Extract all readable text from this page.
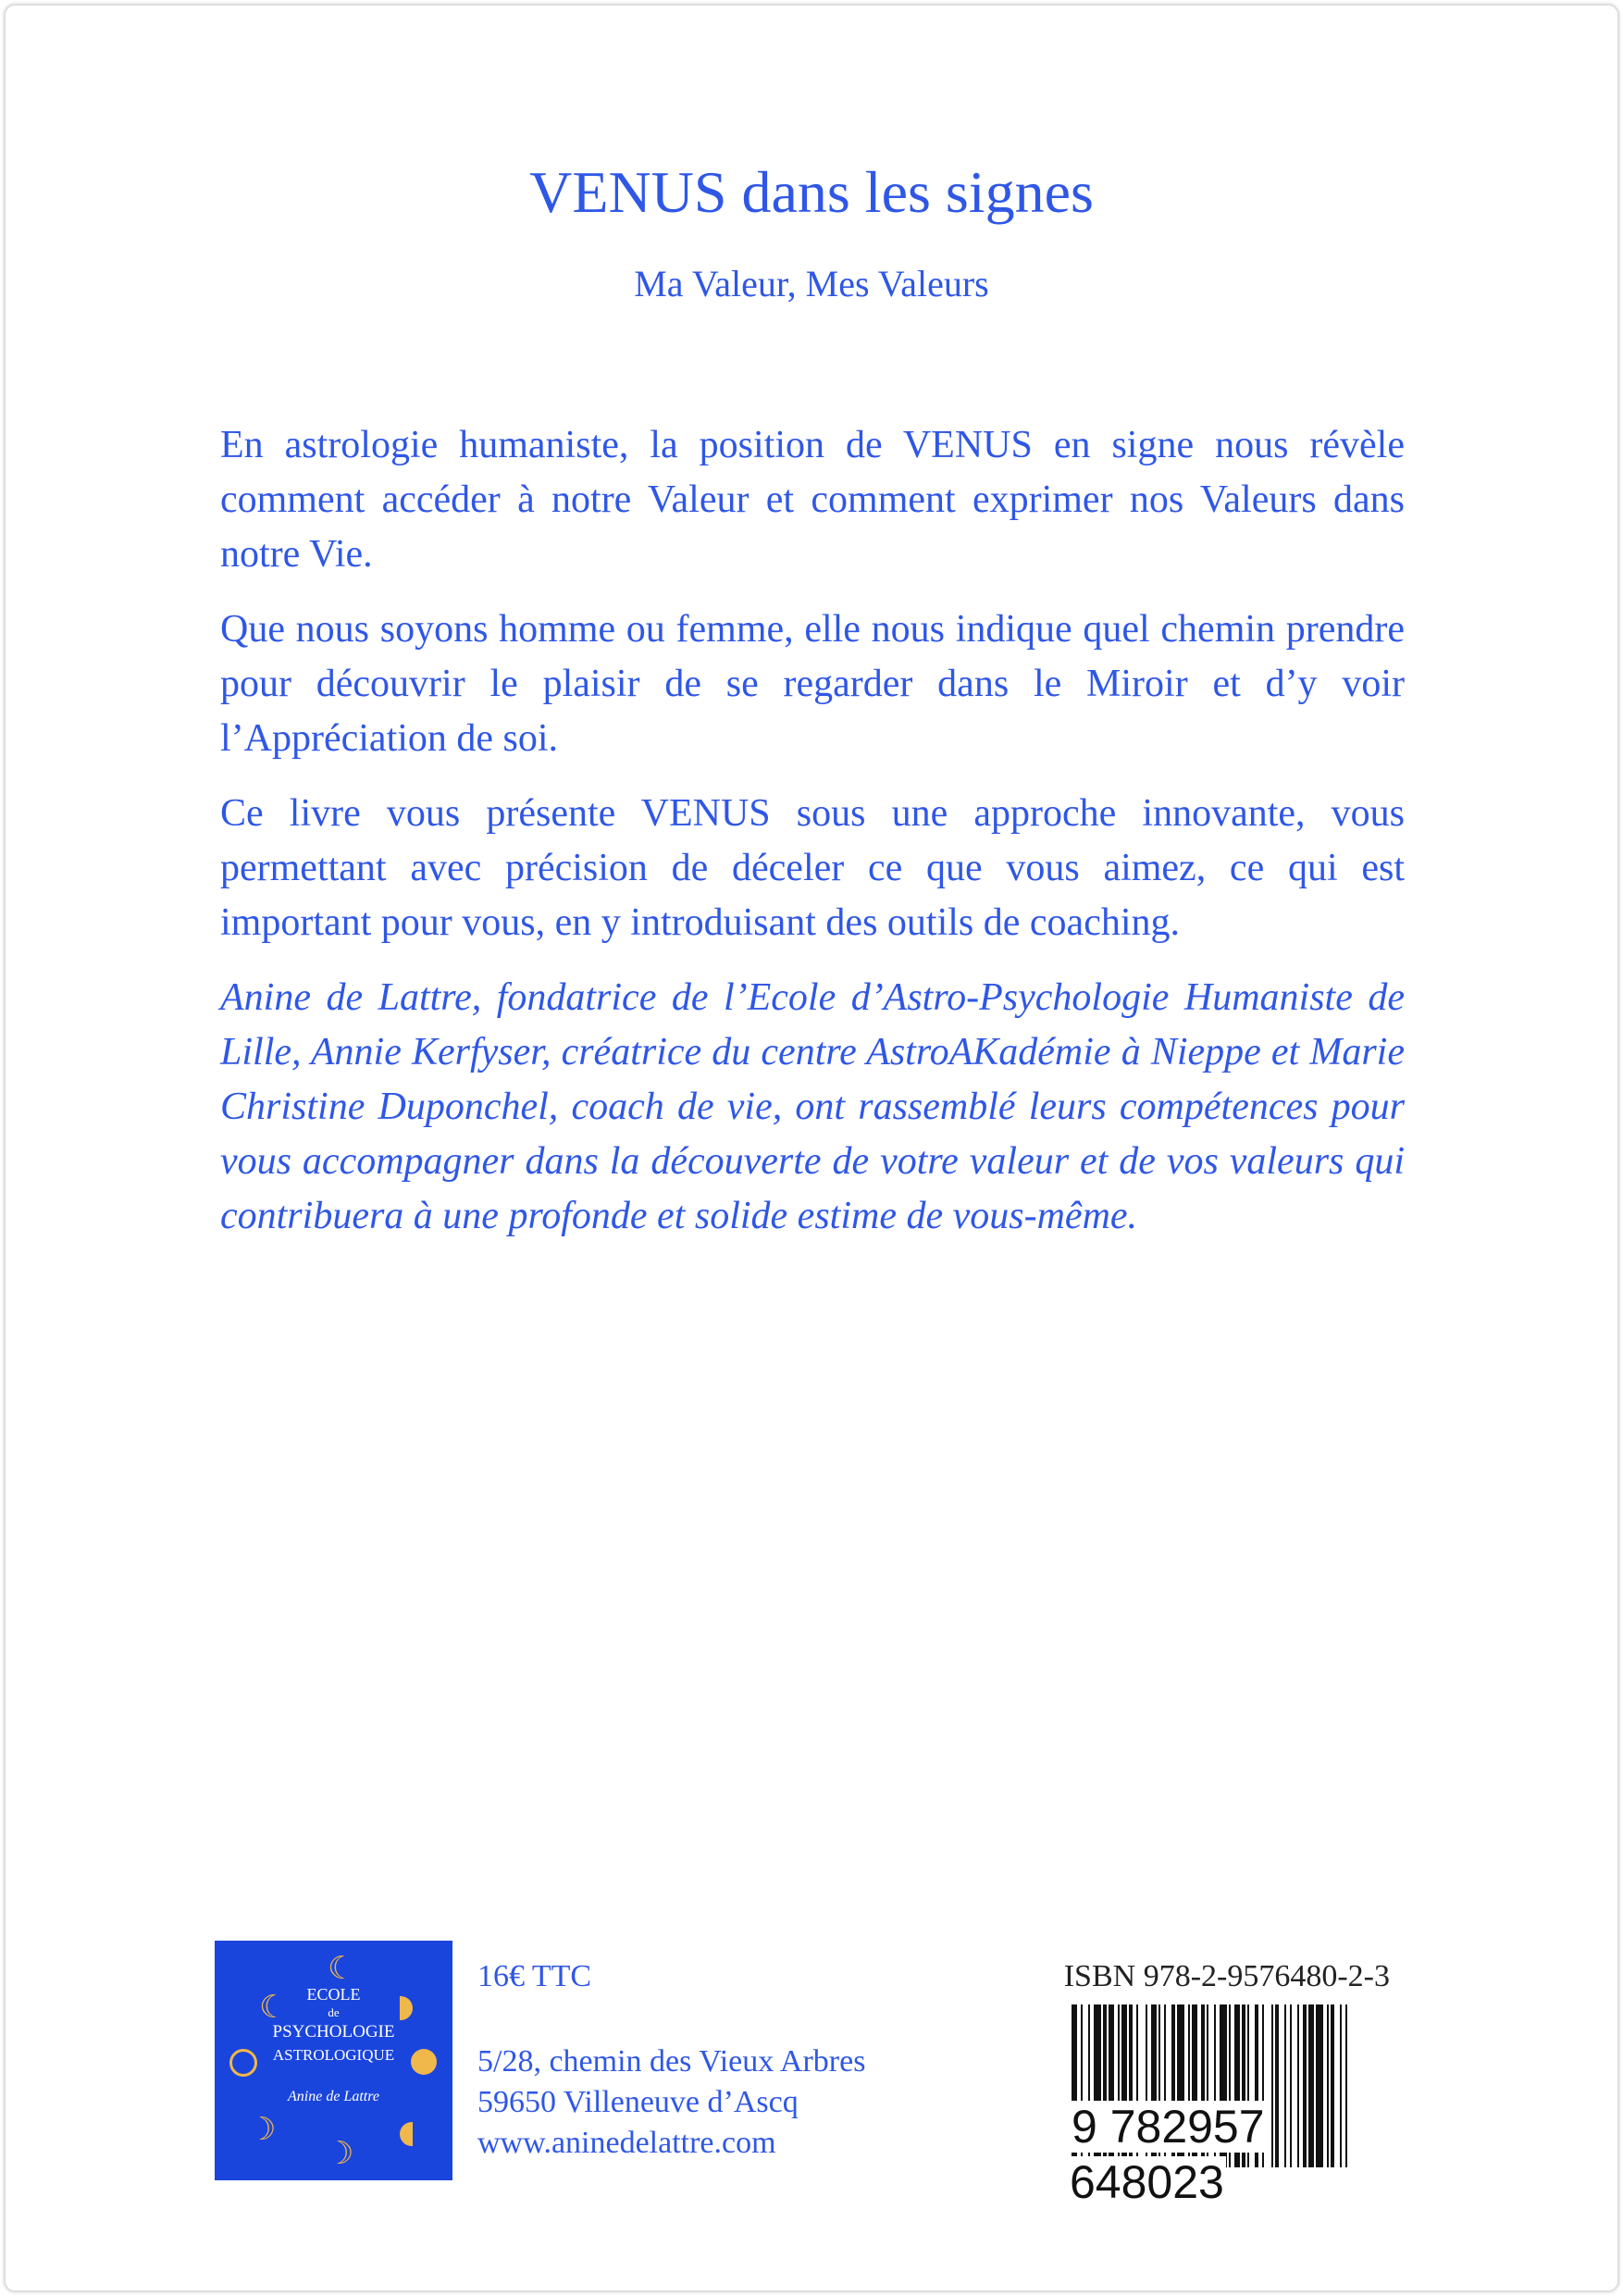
VENUS dans les signes
Ma Valeur, Mes Valeurs

En astrologie humaniste, la position de VENUS en signe nous révèle comment accéder à notre Valeur et comment exprimer nos Valeurs dans notre Vie.

Que nous soyons homme ou femme, elle nous indique quel chemin prendre pour découvrir le plaisir de se regarder dans le Miroir et d’y voir l’Appréciation de soi.

Ce livre vous présente VENUS sous une approche innovante, vous permettant avec précision de déceler ce que vous aimez, ce qui est important pour vous, en y introduisant des outils de coaching.

Anine de Lattre, fondatrice de l’Ecole d’Astro-Psychologie Humaniste de Lille, Annie Kerfyser, créatrice du centre AstroAKadémie à Nieppe et Marie Christine Duponchel, coach de vie, ont rassemblé leurs compétences pour vous accompagner dans la découverte de votre valeur et de vos valeurs qui contribuera à une profonde et solide estime de vous-même.

☾
☾
☽
☽
ECOLE
de
PSYCHOLOGIE
ASTROLOGIQUE
Anine de Lattre
16€ TTC
5/28, chemin des Vieux Arbres
59650 Villeneuve d’Ascq
www.aninedelattre.com
ISBN 978-2-9576480-2-3
9 782957 648023
